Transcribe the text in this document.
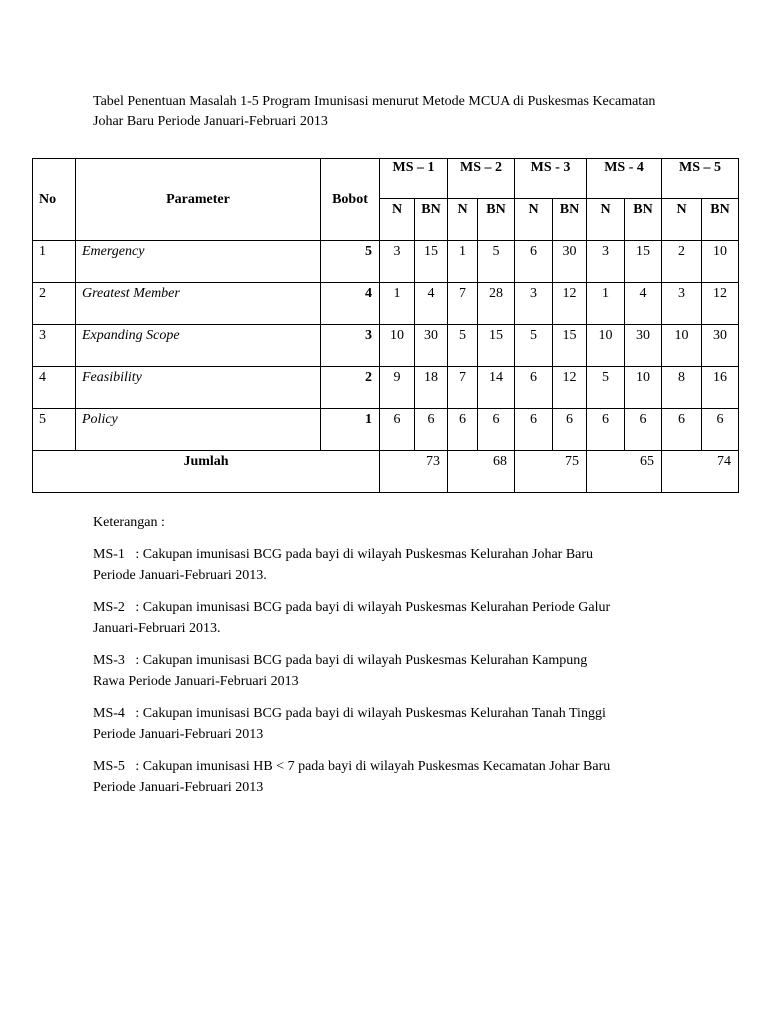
Tabel Penentuan Masalah 1-5 Program Imunisasi menurut Metode MCUA di Puskesmas Kecamatan
Johar Baru Periode Januari-Februari 2013
No	Parameter	Bobot	MS – 1		MS – 2		MS - 3		MS - 4		MS – 5	
			N	BN	N	BN	N	BN	N	BN	N	BN
1	Emergency	5	3	15	1	5	6	30	3	15	2	10
2	Greatest Member	4	1	4	7	28	3	12	1	4	3	12
3	Expanding Scope	3	10	30	5	15	5	15	10	30	10	30
4	Feasibility	2	9	18	7	14	6	12	5	10	8	16
5	Policy	1	6	6	6	6	6	6	6	6	6	6
Jumlah			73		68		75		65		74	

Keterangan :

MS-1   : Cakupan imunisasi BCG pada bayi di wilayah Puskesmas Kelurahan Johar Baru
Periode Januari-Februari 2013.

MS-2   : Cakupan imunisasi BCG pada bayi di wilayah Puskesmas Kelurahan Periode Galur
Januari-Februari 2013.

MS-3   : Cakupan imunisasi BCG pada bayi di wilayah Puskesmas Kelurahan Kampung
Rawa Periode Januari-Februari 2013

MS-4   : Cakupan imunisasi BCG pada bayi di wilayah Puskesmas Kelurahan Tanah Tinggi
Periode Januari-Februari 2013

MS-5   : Cakupan imunisasi HB < 7 pada bayi di wilayah Puskesmas Kecamatan Johar Baru
Periode Januari-Februari 2013
